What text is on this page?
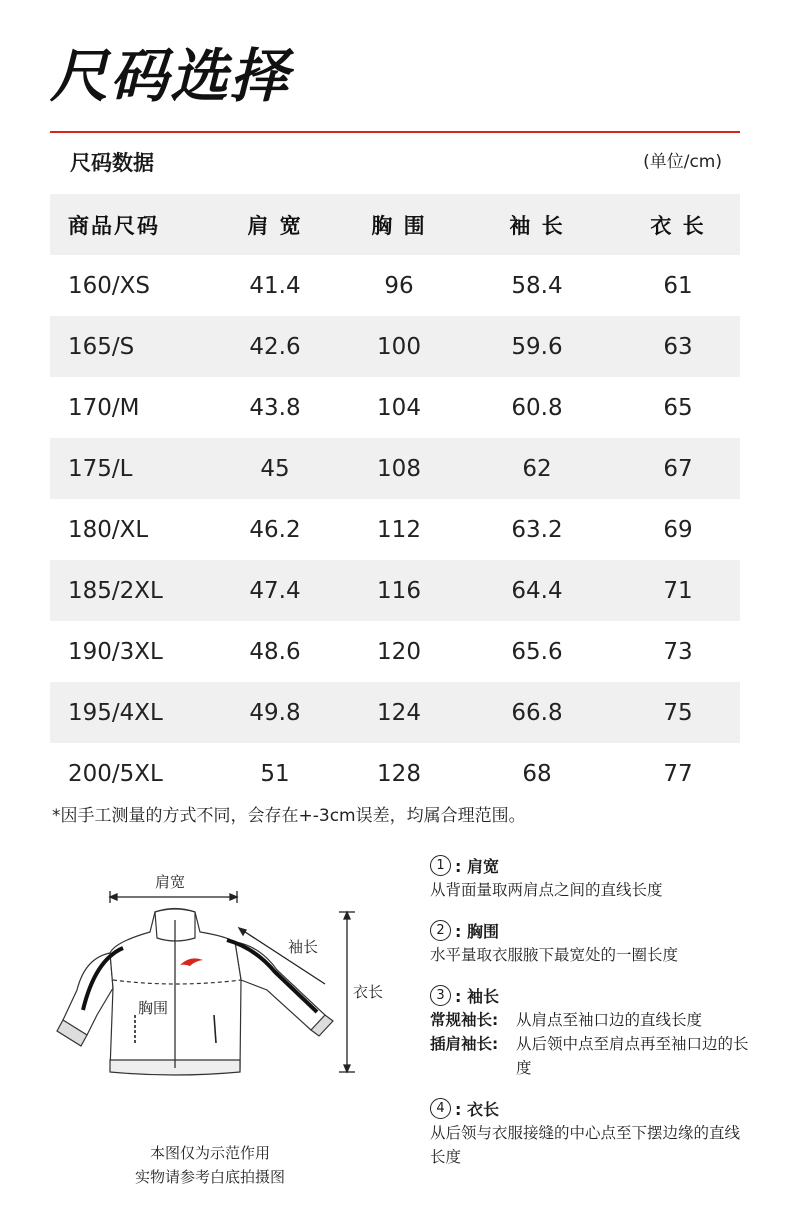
尺码选择
尺码数据	(单位/cm)
商品尺码	肩 宽	胸 围	袖 长	衣 长
160/XS	41.4	96	58.4	61
165/S	42.6	100	59.6	63
170/M	43.8	104	60.8	65
175/L	45	108	62	67
180/XL	46.2	112	63.2	69
185/2XL	47.4	116	64.4	71
190/3XL	48.6	120	65.6	73
195/4XL	49.8	124	66.8	75
200/5XL	51	128	68	77
*因手工测量的方式不同，会存在+-3cm误差，均属合理范围。
肩宽
袖长
胸围
衣长
本图仅为示范作用
实物请参考白底拍摄图
1 : 肩宽
从背面量取两肩点之间的直线长度
2 : 胸围
水平量取衣服腋下最宽处的一圈长度
3 : 袖长
常规袖长:	从肩点至袖口边的直线长度
插肩袖长:	从后领中点至肩点再至袖口边的长度
4 : 衣长
从后领与衣服接缝的中心点至下摆边缘的直线长度
